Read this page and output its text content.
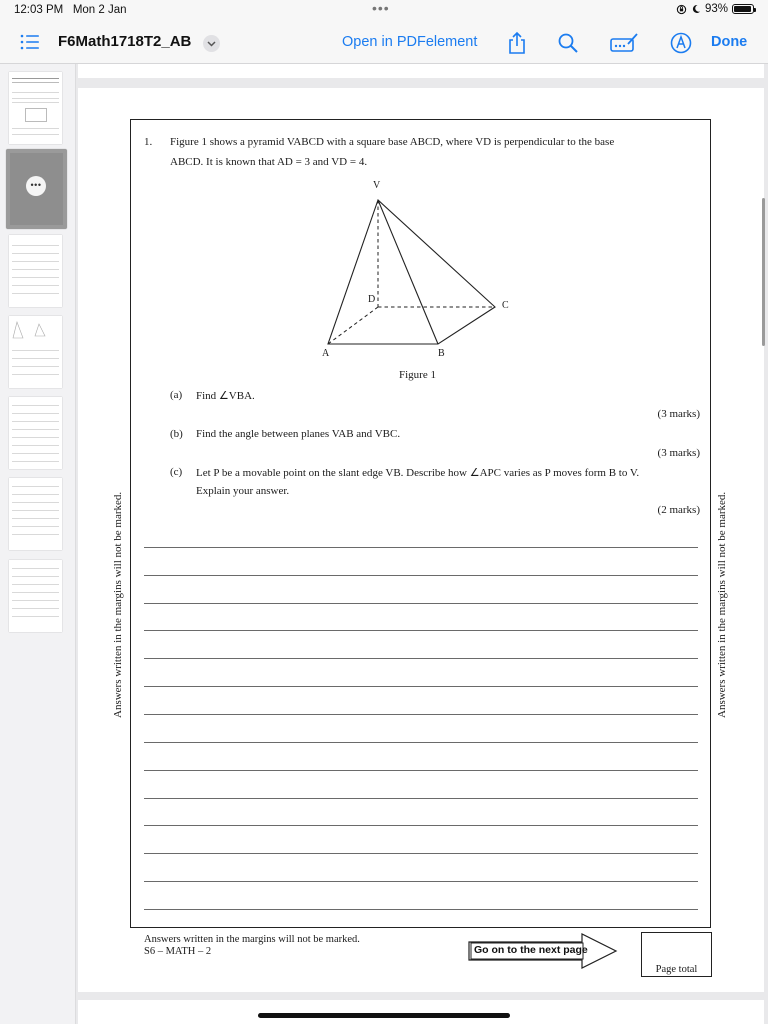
12:03 PM Mon 2 Jan	•••	93%
F6Math1718T2_AB	Open in PDFelement	Done
•••
1. Figure 1 shows a pyramid VABCD with a square base ABCD, where VD is perpendicular to the base
ABCD. It is known that AD = 3 and VD = 4.
V
D
C
A	B
Figure 1
(a) Find ∠VBA.
(3 marks)
(b) Find the angle between planes VAB and VBC.
(3 marks)
(c) Let P be a movable point on the slant edge VB. Describe how ∠APC varies as P moves form B to V.
Explain your answer.
(2 marks)
Answers written in the margins will not be marked.	Answers written in the margins will not be marked.
Answers written in the margins will not be marked.
S6 – MATH – 2	Go on to the next page
Page total
